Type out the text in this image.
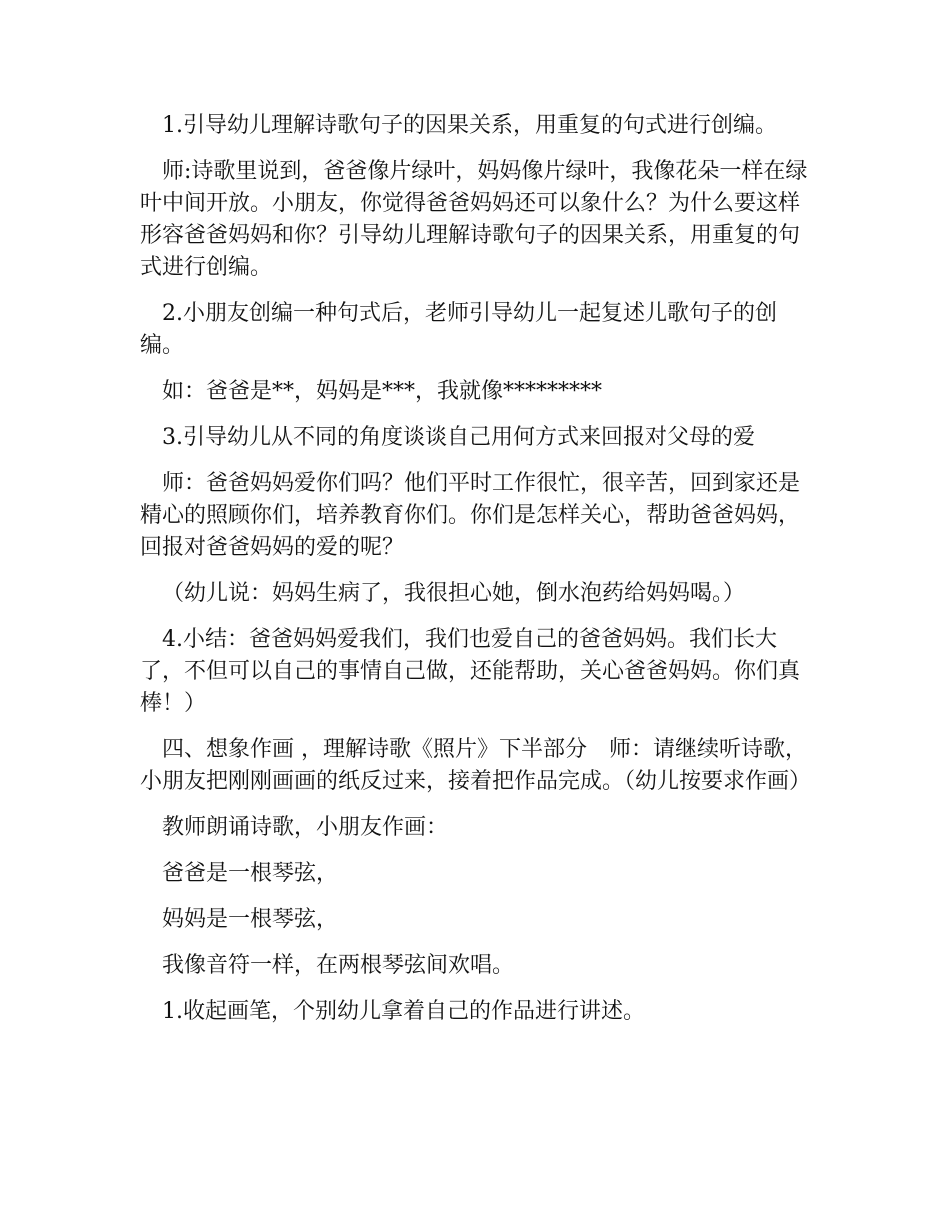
1.引导幼儿理解诗歌句子的因果关系，用重复的句式进行创编。

师:诗歌里说到，爸爸像片绿叶，妈妈像片绿叶，我像花朵一样在绿叶中间开放。小朋友，你觉得爸爸妈妈还可以象什么？为什么要这样形容爸爸妈妈和你？引导幼儿理解诗歌句子的因果关系，用重复的句式进行创编。

2.小朋友创编一种句式后，老师引导幼儿一起复述儿歌句子的创编。

如：爸爸是**，妈妈是***，我就像*********

3.引导幼儿从不同的角度谈谈自己用何方式来回报对父母的爱

师：爸爸妈妈爱你们吗？他们平时工作很忙，很辛苦，回到家还是精心的照顾你们，培养教育你们。你们是怎样关心，帮助爸爸妈妈，回报对爸爸妈妈的爱的呢？

（幼儿说：妈妈生病了，我很担心她，倒水泡药给妈妈喝。）

4.小结：爸爸妈妈爱我们，我们也爱自己的爸爸妈妈。我们长大了，不但可以自己的事情自己做，还能帮助，关心爸爸妈妈。你们真棒！）

四、想象作画 ，理解诗歌《照片》下半部分　师：请继续听诗歌，小朋友把刚刚画画的纸反过来，接着把作品完成。（幼儿按要求作画）

教师朗诵诗歌，小朋友作画：

爸爸是一根琴弦，

妈妈是一根琴弦，

我像音符一样，在两根琴弦间欢唱。

1.收起画笔，个别幼儿拿着自己的作品进行讲述。
